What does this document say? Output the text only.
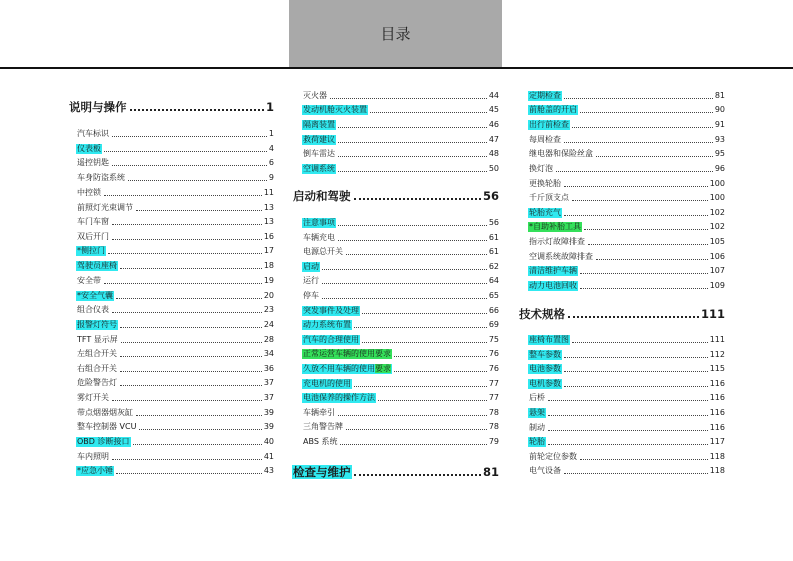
目录
说明与操作	1
汽车标识	1
仪表板	4
遥控钥匙	6
车身防盗系统	9
中控锁	11
前照灯光束调节	13
车门车窗	13
双后开门	16
*侧拉门	17
驾驶员座椅	18
安全带	19
*安全气囊	20
组合仪表	23
报警灯符号	24
TFT 显示屏	28
左组合开关	34
右组合开关	36
危险警告灯	37
雾灯开关	37
带点烟器烟灰缸	39
整车控制器 VCU	39
OBD 诊断接口	40
车内照明	41
*应急小锤	43
灭火器	44
发动机舱灭火装置	45
隔离装置	46
救荷建议	47
倒车雷达	48
空调系统	50
启动和驾驶	56
注意事项	56
车辆充电	61
电源总开关	61
启动	62
运行	64
停车	65
突发事件及处理	66
动力系统布置	69
汽车的合理使用	75
正常运营车辆的使用要求	76
久放不用车辆的使用要求	76
充电机的使用	77
电池保养的操作方法	77
车辆牵引	78
三角警告牌	78
ABS 系统	79
检查与维护	81
定期检查	81
前舱盖的开启	90
出行前检查	91
每周检查	93
继电器和保险丝盒	95
换灯泡	96
更换轮胎	100
千斤顶支点	100
轮胎充气	102
*自助补胎工具	102
指示灯故障排查	105
空调系统故障排查	106
清洁维护车辆	107
动力电池回收	109
技术规格	111
座椅布置图	111
整车参数	112
电池参数	115
电机参数	116
后桥	116
悬架	116
制动	116
轮胎	117
前轮定位参数	118
电气设备	118
